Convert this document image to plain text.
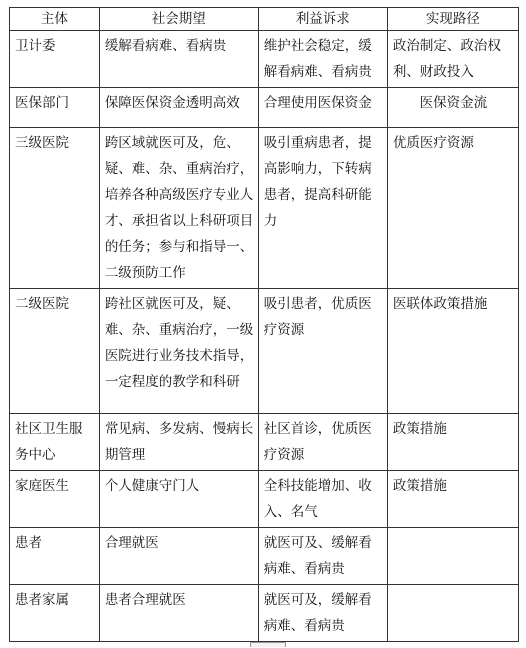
主体	社会期望	利益诉求	实现路径
卫计委	缓解看病难、看病贵	维护社会稳定，缓解看病难、看病贵	政治制定、政治权利、财政投入
医保部门	保障医保资金透明高效	合理使用医保资金	医保资金流
三级医院	跨区域就医可及，危、疑、难、杂、重病治疗，培养各种高级医疗专业人才、承担省以上科研项目的任务；参与和指导一、二级预防工作	吸引重病患者，提高影响力，下转病患者，提高科研能力	优质医疗资源
二级医院	跨社区就医可及，疑、难、杂、重病治疗，一级医院进行业务技术指导，一定程度的教学和科研	吸引患者，优质医疗资源	医联体政策措施
社区卫生服务中心	常见病、多发病、慢病长期管理	社区首诊，优质医疗资源	政策措施
家庭医生	个人健康守门人	全科技能增加、收入、名气	政策措施
患者	合理就医	就医可及、缓解看病难、看病贵	
患者家属	患者合理就医	就医可及，缓解看病难、看病贵	
